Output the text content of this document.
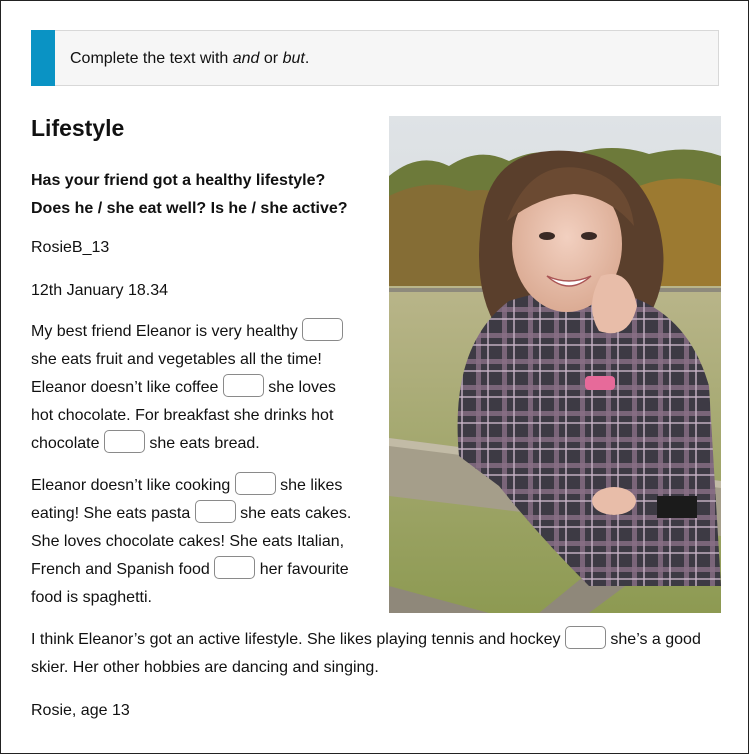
Complete the text with and or but.
Lifestyle
Has your friend got a healthy lifestyle?
Does he / she eat well? Is he / she active?
RosieB_13
12th January 18.34
My best friend Eleanor is very healthy
she eats fruit and vegetables all the time!
Eleanor doesn’t like coffee	she loves
hot chocolate. For breakfast she drinks hot
chocolate	she eats bread.
Eleanor doesn’t like cooking	she likes
eating! She eats pasta	she eats cakes.
She loves chocolate cakes! She eats Italian,
French and Spanish food	her favourite
food is spaghetti.
I think Eleanor’s got an active lifestyle. She likes playing tennis and hockey	she’s a good
skier. Her other hobbies are dancing and singing.
Rosie, age 13
